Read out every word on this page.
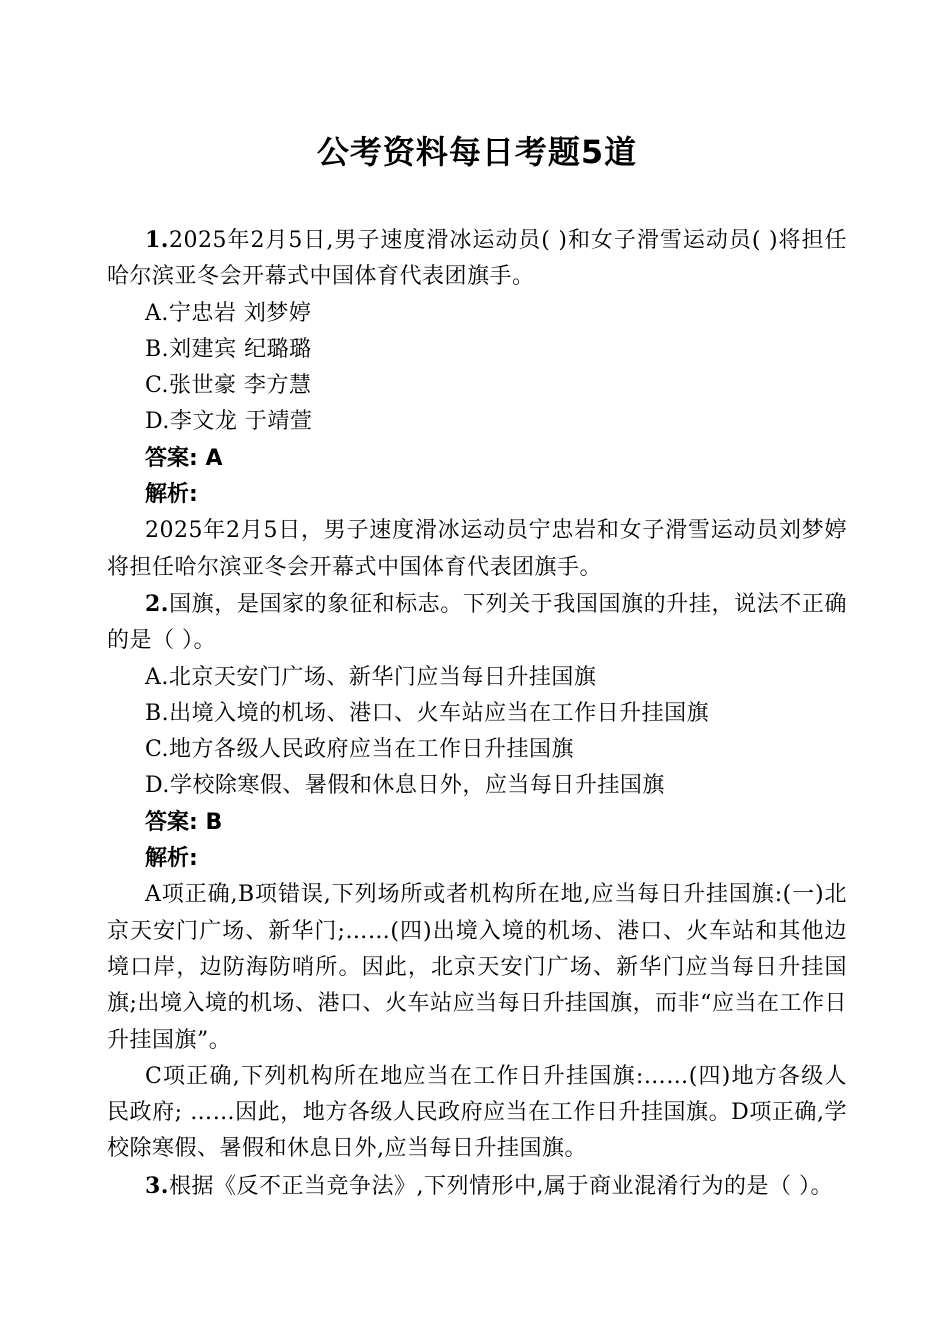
公考资料每日考题5道

1.2025年2月5日,男子速度滑冰运动员( )和女子滑雪运动员( )将担任哈尔滨亚冬会开幕式中国体育代表团旗手。

A.宁忠岩 刘梦婷

B.刘建宾 纪璐璐

C.张世豪 李方慧

D.李文龙 于靖萱

答案: A

解析:

2025年2月5日，男子速度滑冰运动员宁忠岩和女子滑雪运动员刘梦婷将担任哈尔滨亚冬会开幕式中国体育代表团旗手。

2.国旗，是国家的象征和标志。下列关于我国国旗的升挂，说法不正确的是（ ）。

A.北京天安门广场、新华门应当每日升挂国旗

B.出境入境的机场、港口、火车站应当在工作日升挂国旗

C.地方各级人民政府应当在工作日升挂国旗

D.学校除寒假、暑假和休息日外，应当每日升挂国旗

答案: B

解析:

A项正确,B项错误,下列场所或者机构所在地,应当每日升挂国旗:(一)北京天安门广场、新华门;……(四)出境入境的机场、港口、火车站和其他边境口岸，边防海防哨所。因此，北京天安门广场、新华门应当每日升挂国旗;出境入境的机场、港口、火车站应当每日升挂国旗，而非“应当在工作日升挂国旗”。

C项正确,下列机构所在地应当在工作日升挂国旗:……(四)地方各级人民政府; ……因此，地方各级人民政府应当在工作日升挂国旗。D项正确,学校除寒假、暑假和休息日外,应当每日升挂国旗。

3.根据《反不正当竞争法》,下列情形中,属于商业混淆行为的是（ ）。
